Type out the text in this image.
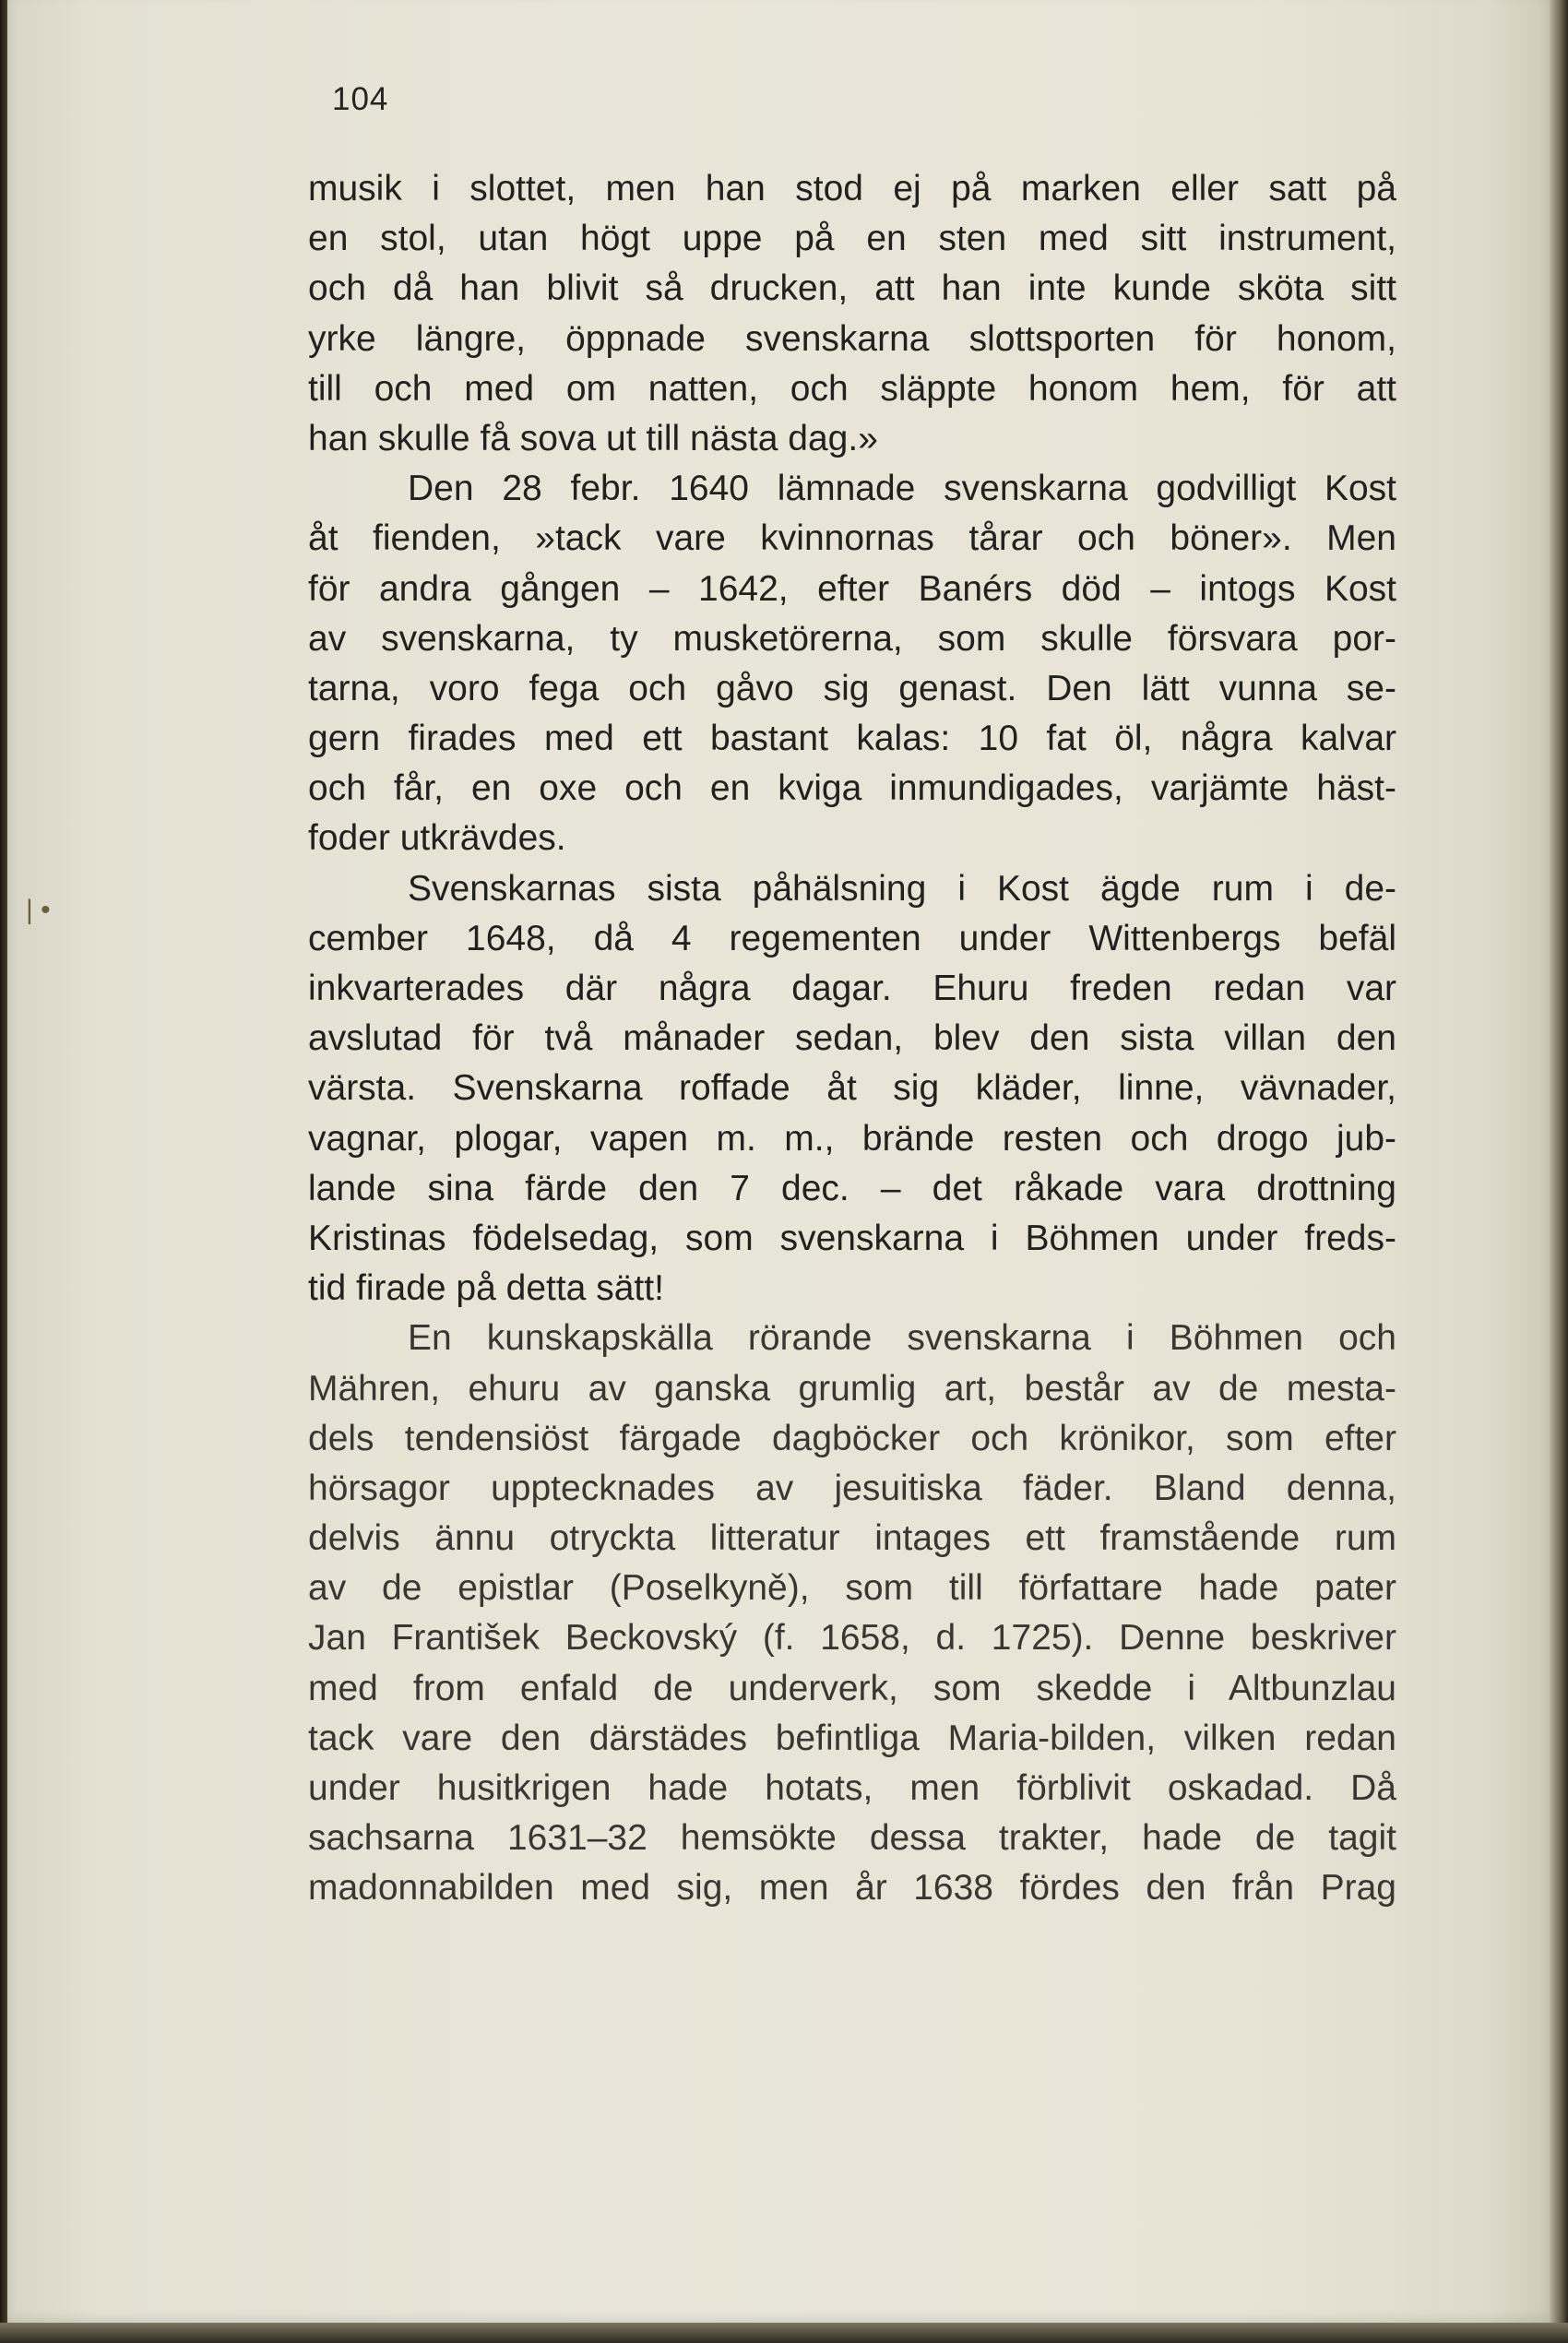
104
| •

musik i slottet, men han stod ej på marken eller satt på

en stol, utan högt uppe på en sten med sitt instrument,

och då han blivit så drucken, att han inte kunde sköta sitt

yrke längre, öppnade svenskarna slottsporten för honom,

till och med om natten, och släppte honom hem, för att

han skulle få sova ut till nästa dag.»

Den 28 febr. 1640 lämnade svenskarna godvilligt Kost

åt fienden, »tack vare kvinnornas tårar och böner». Men

för andra gången – 1642, efter Banérs död – intogs Kost

av svenskarna, ty musketörerna, som skulle försvara por-

tarna, voro fega och gåvo sig genast. Den lätt vunna se-

gern firades med ett bastant kalas: 10 fat öl, några kalvar

och får, en oxe och en kviga inmundigades, varjämte häst-

foder utkrävdes.

Svenskarnas sista påhälsning i Kost ägde rum i de-

cember 1648, då 4 regementen under Wittenbergs befäl

inkvarterades där några dagar. Ehuru freden redan var

avslutad för två månader sedan, blev den sista villan den

värsta. Svenskarna roffade åt sig kläder, linne, vävnader,

vagnar, plogar, vapen m. m., brände resten och drogo jub-

lande sina färde den 7 dec. – det råkade vara drottning

Kristinas födelsedag, som svenskarna i Böhmen under freds-

tid firade på detta sätt!

En kunskapskälla rörande svenskarna i Böhmen och

Mähren, ehuru av ganska grumlig art, består av de mesta-

dels tendensiöst färgade dagböcker och krönikor, som efter

hörsagor upptecknades av jesuitiska fäder. Bland denna,

delvis ännu otryckta litteratur intages ett framstående rum

av de epistlar (Poselkyně), som till författare hade pater

Jan František Beckovský (f. 1658, d. 1725). Denne beskriver

med from enfald de underverk, som skedde i Altbunzlau

tack vare den därstädes befintliga Maria-bilden, vilken redan

under husitkrigen hade hotats, men förblivit oskadad. Då

sachsarna 1631–32 hemsökte dessa trakter, hade de tagit

madonnabilden med sig, men år 1638 fördes den från Prag
